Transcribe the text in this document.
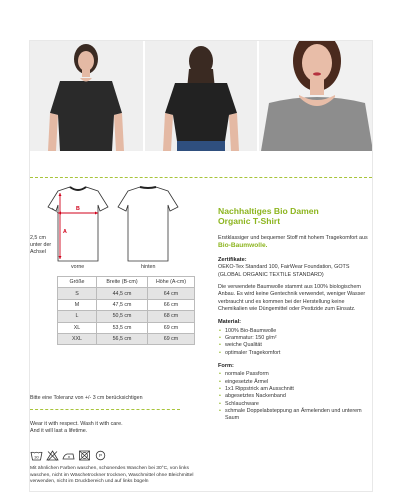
2,5 cm unter der Achsel
B
A
vorne	hinten
Größe	Breite (B-cm)	Höhe (A-cm)
S	44,5 cm	64 cm
M	47,5 cm	66 cm
L	50,5 cm	68 cm
XL	53,5 cm	69 cm
XXL	56,5 cm	69 cm
Bitte eine Toleranz von +/- 3 cm berücksichtigen
Wear it with respect. Wash it with care.
And it will last a lifetime.
30	P
Mit ähnlichen Farben waschen, schonendes Waschen bei 30°C, von links waschen, nicht im Wäschetrockner trocknen, Waschmittel ohne Bleichmittel verwenden, nicht im Druckbereich und auf links bügeln
Nachhaltiges Bio Damen
Organic T-Shirt
Erstklassiger und bequemer Stoff mit hohem Tragekomfort aus Bio-Baumwolle.
Zertifikate:
OEKO-Tex Standard 100, FairWear Foundation, GOTS (GLOBAL ORGANIC TEXTILE STANDARD)
Die verwendete Baumwolle stammt aus 100% biologischem Anbau. Es wird keine Gentechnik verwendet, weniger Wasser verbraucht und es kommen bei der Herstellung keine Chemikalien wie Düngemittel oder Pestizide zum Einsatz.
Material:
• 100% Bio-Baumwolle
• Grammatur: 150 g/m²
• weiche Qualität
• optimaler Tragekomfort
Form:
• normale Passform
• eingesetzte Ärmel
• 1x1 Rippstrick am Ausschnitt
• abgesetztes Nackenband
• Schlauchware
• schmale Doppelabsteppung an Ärmelenden und unterem Saum
